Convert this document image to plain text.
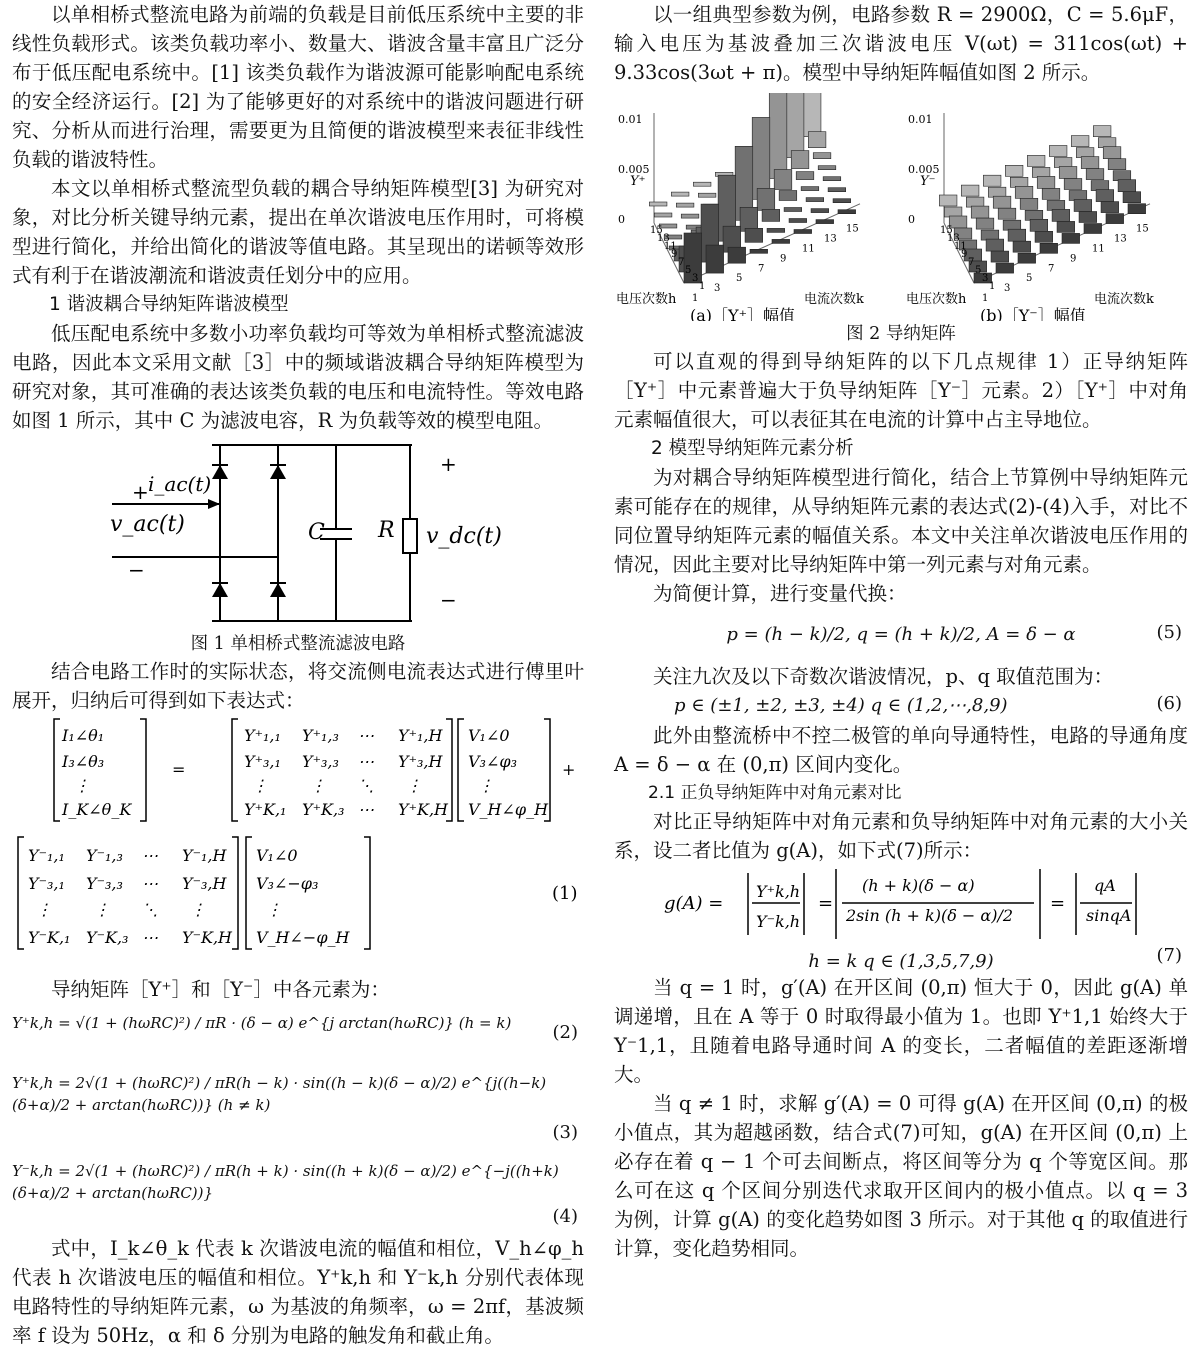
以单相桥式整流电路为前端的负载是目前低压系统中主要的非线性负载形式。该类负载功率小、数量大、谐波含量丰富且广泛分布于低压配电系统中。[1] 该类负载作为谐波源可能影响配电系统的安全经济运行。[2] 为了能够更好的对系统中的谐波问题进行研究、分析从而进行治理，需要更为且简便的谐波模型来表征非线性负载的谐波特性。

本文以单相桥式整流型负载的耦合导纳矩阵模型[3] 为研究对象，对比分析关键导纳元素，提出在单次谐波电压作用时，可将模型进行简化，并给出简化的谐波等值电路。其呈现出的诺顿等效形式有利于在谐波潮流和谐波责任划分中的应用。

1 谐波耦合导纳矩阵谐波模型

低压配电系统中多数小功率负载均可等效为单相桥式整流滤波电路，因此本文采用文献［3］中的频域谐波耦合导纳矩阵模型为研究对象，其可准确的表达该类负载的电压和电流特性。等效电路如图 1 所示，其中 C 为滤波电容，R 为负载等效的模型电阻。

+ i_ac(t)
v_ac(t)
−
C R v_dc(t)
+
−

图 1 单相桥式整流滤波电路

结合电路工作时的实际状态，将交流侧电流表达式进行傅里叶展开，归纳后可得到如下表达式：

I₁∠θ₁
I₃∠θ₃
⋮
I_K∠θ_K
=
Y⁺₁,₁ Y⁺₁,₃ ⋯ Y⁺₁,H
Y⁺₃,₁ Y⁺₃,₃ ⋯ Y⁺₃,H
⋮	⋮ ⋱ ⋮
Y⁺K,₁ Y⁺K,₃ ⋯ Y⁺K,H
V₁∠0
V₃∠φ₃
⋮
V_H∠φ_H
+
Y⁻₁,₁ Y⁻₁,₃ ⋯ Y⁻₁,H
Y⁻₃,₁ Y⁻₃,₃ ⋯ Y⁻₃,H
⋮	⋮ ⋱ ⋮
Y⁻K,₁ Y⁻K,₃ ⋯ Y⁻K,H
V₁∠0
V₃∠−φ₃
⋮
V_H∠−φ_H
(1)

导纳矩阵［Y⁺］和［Y⁻］中各元素为：

Y⁺k,h = √(1 + (hωRC)²) / πR · (δ − α) e^{j arctan(hωRC)} (h = k)	(2)
Y⁺k,h = 2√(1 + (hωRC)²) / πR(h − k) · sin((h − k)(δ − α)/2) e^{j((h−k)(δ+α)/2 + arctan(hωRC))} (h ≠ k)
(3)
Y⁻k,h = 2√(1 + (hωRC)²) / πR(h + k) · sin((h + k)(δ − α)/2) e^{−j((h+k)(δ+α)/2 + arctan(hωRC))}
(4)

式中，I_k∠θ_k 代表 k 次谐波电流的幅值和相位，V_h∠φ_h 代表 h 次谐波电压的幅值和相位。Y⁺k,h 和 Y⁻k,h 分别代表体现电路特性的导纳矩阵元素，ω 为基波的角频率，ω = 2πf，基波频率 f 设为 50Hz，α 和 δ 分别为电路的触发角和截止角。

以一组典型参数为例，电路参数 R = 2900Ω，C = 5.6μF，输入电压为基波叠加三次谐波电压 V(ωt) = 311cos(ωt) + 9.33cos(3ωt + π)。模型中导纳矩阵幅值如图 2 所示。

0.01
0.005
0
Y⁺
15
13
11
9
7
5
3
1
1
3
5
7
9
11
13
15
电压次数h	电流次数k
(a)［Y⁺］幅值
0.01
0.005
0
Y⁻
15
13
11
9
7
5
3
1
1
3
5
7
9
11
13
15
电压次数h	电流次数k
(b)［Y⁻］幅值

图 2 导纳矩阵

可以直观的得到导纳矩阵的以下几点规律 1）正导纳矩阵［Y⁺］中元素普遍大于负导纳矩阵［Y⁻］元素。2）［Y⁺］中对角元素幅值很大，可以表征其在电流的计算中占主导地位。

2 模型导纳矩阵元素分析

为对耦合导纳矩阵模型进行简化，结合上节算例中导纳矩阵元素可能存在的规律，从导纳矩阵元素的表达式(2)-(4)入手，对比不同位置导纳矩阵元素的幅值关系。本文中关注单次谐波电压作用的情况，因此主要对比导纳矩阵中第一列元素与对角元素。

为简便计算，进行变量代换：

p = (h − k)/2, q = (h + k)/2, A = δ − α	(5)

关注九次及以下奇数次谐波情况，p、q 取值范围为：

p ∈ (±1, ±2, ±3, ±4) q ∈ (1,2,⋯,8,9)	(6)

此外由整流桥中不控二极管的单向导通特性，电路的导通角度 A = δ − α 在 (0,π) 区间内变化。

2.1 正负导纳矩阵中对角元素对比

对比正导纳矩阵中对角元素和负导纳矩阵中对角元素的大小关系，设二者比值为 g(A)，如下式(7)所示：

g(A) =
Y⁺k,h
Y⁻k,h
=
(h + k)(δ − α)
2sin (h + k)(δ − α)/2
=
qA
sinqA
h = k q ∈ (1,3,5,7,9)	(7)

当 q = 1 时，g′(A) 在开区间 (0,π) 恒大于 0，因此 g(A) 单调递增，且在 A 等于 0 时取得最小值为 1。也即 Y⁺1,1 始终大于 Y⁻1,1，且随着电路导通时间 A 的变长，二者幅值的差距逐渐增大。

当 q ≠ 1 时，求解 g′(A) = 0 可得 g(A) 在开区间 (0,π) 的极小值点，其为超越函数，结合式(7)可知，g(A) 在开区间 (0,π) 上必存在着 q − 1 个可去间断点，将区间等分为 q 个等宽区间。那么可在这 q 个区间分别迭代求取开区间内的极小值点。以 q = 3 为例，计算 g(A) 的变化趋势如图 3 所示。对于其他 q 的取值进行计算，变化趋势相同。
